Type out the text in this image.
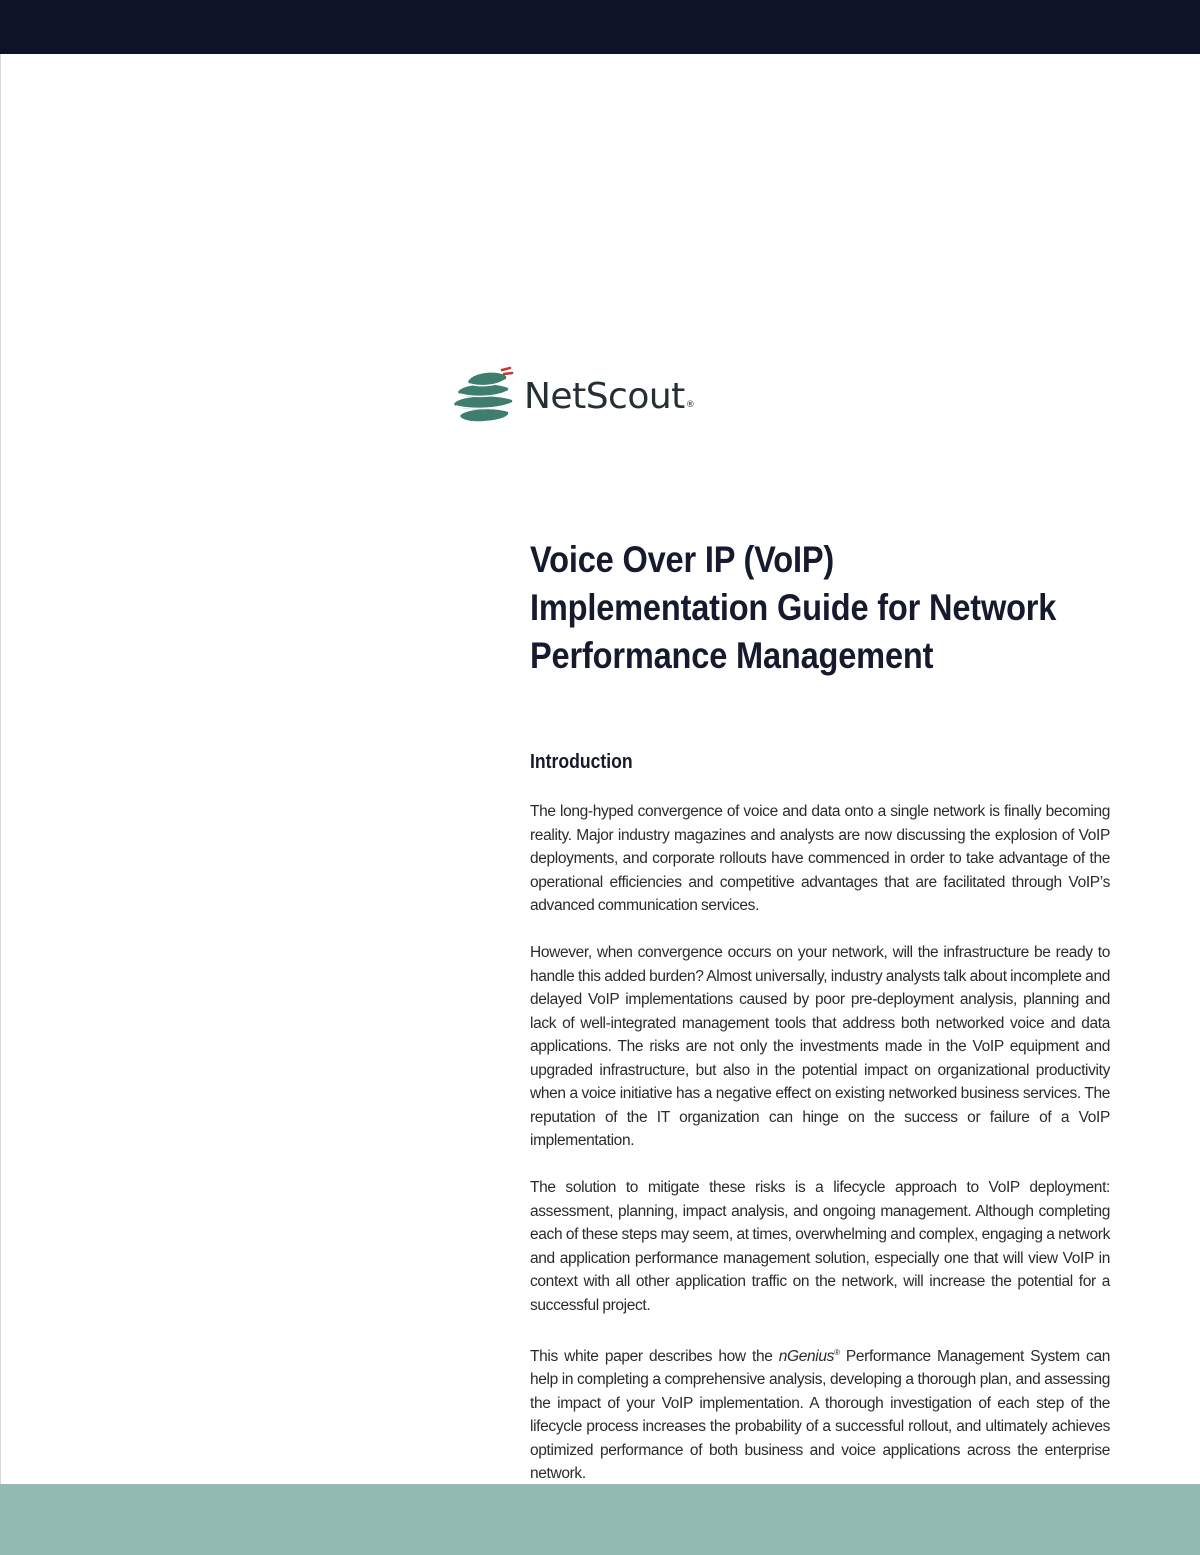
NetScout ®
Voice Over IP (VoIP) Implementation Guide for Network Performance Management
Introduction

The long-hyped convergence of voice and data onto a single network is finally becoming reality. Major industry magazines and analysts are now discussing the explosion of VoIP deployments, and corporate rollouts have commenced in order to take advantage of the operational efficiencies and competitive advantages that are facilitated through VoIP’s advanced communication services.

However, when convergence occurs on your network, will the infrastructure be ready to handle this added burden? Almost universally, industry analysts talk about incomplete and delayed VoIP implementations caused by poor pre-deployment analysis, planning and lack of well-integrated management tools that address both networked voice and data applications. The risks are not only the investments made in the VoIP equipment and upgraded infrastructure, but also in the potential impact on organizational productivity when a voice initiative has a negative effect on existing networked business services. The reputation of the IT organization can hinge on the success or failure of a VoIP implementation.

The solution to mitigate these risks is a lifecycle approach to VoIP deployment: assessment, planning, impact analysis, and ongoing management. Although completing each of these steps may seem, at times, overwhelming and complex, engaging a network and application performance management solution, especially one that will view VoIP in context with all other application traffic on the network, will increase the potential for a successful project.

This white paper describes how the nGenius® Performance Management System can help in completing a comprehensive analysis, developing a thorough plan, and assessing the impact of your VoIP implementation. A thorough investigation of each step of the lifecycle process increases the probability of a successful rollout, and ultimately achieves optimized performance of both business and voice applications across the enterprise network.
